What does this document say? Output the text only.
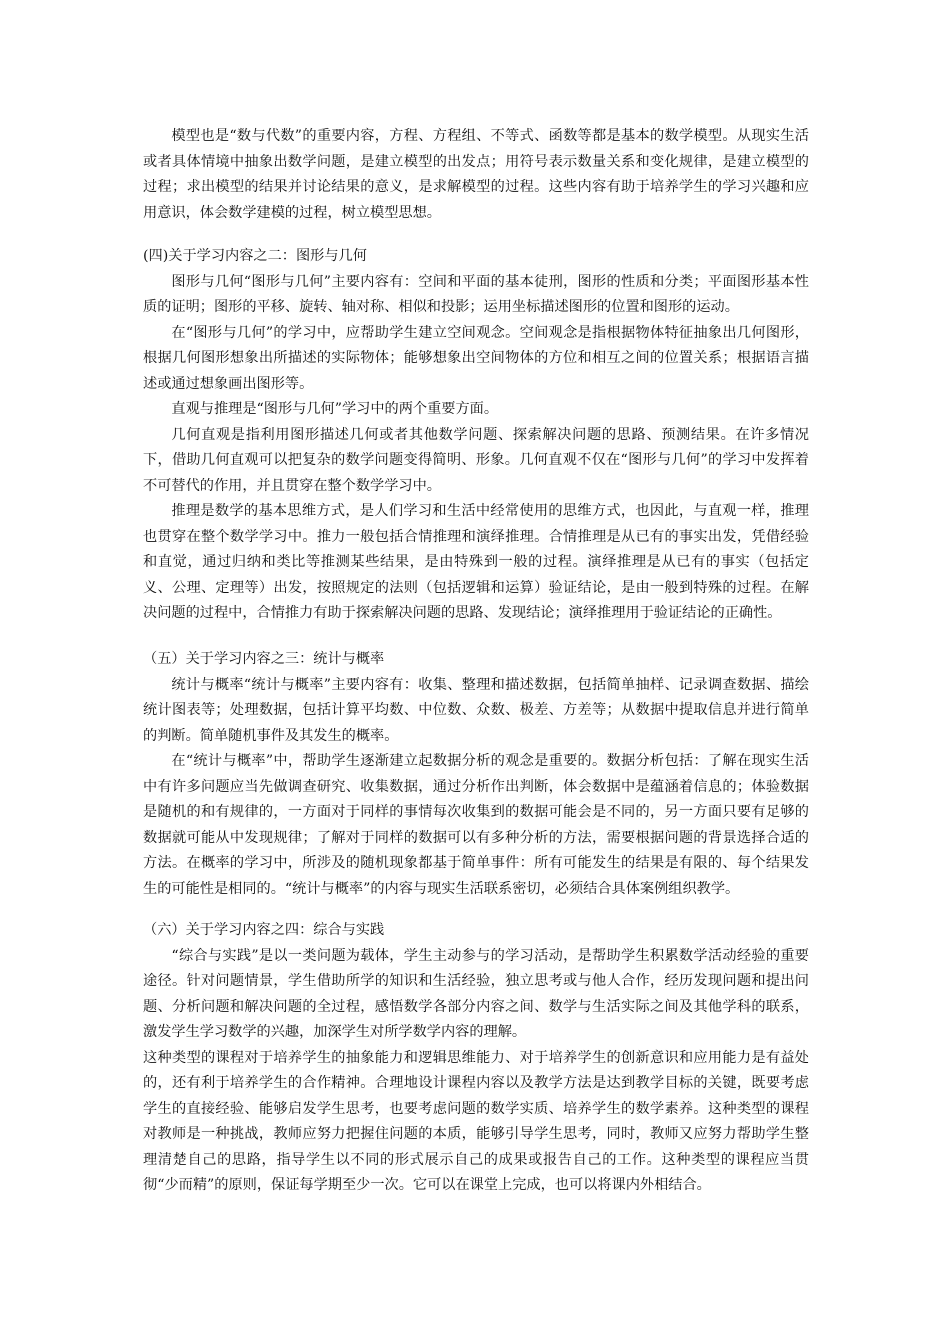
模型也是“数与代数”的重要内容，方程、方程组、不等式、函数等都是基本的数学模型。从现实生活或者具体情境中抽象出数学问题，是建立模型的出发点；用符号表示数量关系和变化规律，是建立模型的过程；求出模型的结果并讨论结果的意义，是求解模型的过程。这些内容有助于培养学生的学习兴趣和应用意识，体会数学建模的过程，树立模型思想。

(四)关于学习内容之二：图形与几何

图形与几何“图形与几何”主要内容有：空间和平面的基本徒刑，图形的性质和分类；平面图形基本性质的证明；图形的平移、旋转、轴对称、相似和投影；运用坐标描述图形的位置和图形的运动。

在“图形与几何”的学习中，应帮助学生建立空间观念。空间观念是指根据物体特征抽象出几何图形，根据几何图形想象出所描述的实际物体；能够想象出空间物体的方位和相互之间的位置关系；根据语言描述或通过想象画出图形等。

直观与推理是“图形与几何”学习中的两个重要方面。

几何直观是指利用图形描述几何或者其他数学问题、探索解决问题的思路、预测结果。在许多情况下，借助几何直观可以把复杂的数学问题变得简明、形象。几何直观不仅在“图形与几何”的学习中发挥着不可替代的作用，并且贯穿在整个数学学习中。

推理是数学的基本思维方式，是人们学习和生活中经常使用的思维方式，也因此，与直观一样，推理也贯穿在整个数学学习中。推力一般包括合情推理和演绎推理。合情推理是从已有的事实出发，凭借经验和直觉，通过归纳和类比等推测某些结果，是由特殊到一般的过程。演绎推理是从已有的事实（包括定义、公理、定理等）出发，按照规定的法则（包括逻辑和运算）验证结论，是由一般到特殊的过程。在解决问题的过程中，合情推力有助于探索解决问题的思路、发现结论；演绎推理用于验证结论的正确性。

（五）关于学习内容之三：统计与概率

统计与概率“统计与概率”主要内容有：收集、整理和描述数据，包括简单抽样、记录调查数据、描绘统计图表等；处理数据，包括计算平均数、中位数、众数、极差、方差等；从数据中提取信息并进行简单的判断。简单随机事件及其发生的概率。

在“统计与概率”中，帮助学生逐渐建立起数据分析的观念是重要的。数据分析包括：了解在现实生活中有许多问题应当先做调查研究、收集数据，通过分析作出判断，体会数据中是蕴涵着信息的；体验数据是随机的和有规律的，一方面对于同样的事情每次收集到的数据可能会是不同的，另一方面只要有足够的数据就可能从中发现规律；了解对于同样的数据可以有多种分析的方法，需要根据问题的背景选择合适的方法。在概率的学习中，所涉及的随机现象都基于简单事件：所有可能发生的结果是有限的、每个结果发生的可能性是相同的。“统计与概率”的内容与现实生活联系密切，必须结合具体案例组织教学。

（六）关于学习内容之四：综合与实践

“综合与实践”是以一类问题为载体，学生主动参与的学习活动，是帮助学生积累数学活动经验的重要途径。针对问题情景，学生借助所学的知识和生活经验，独立思考或与他人合作，经历发现问题和提出问题、分析问题和解决问题的全过程，感悟数学各部分内容之间、数学与生活实际之间及其他学科的联系，激发学生学习数学的兴趣，加深学生对所学数学内容的理解。

这种类型的课程对于培养学生的抽象能力和逻辑思维能力、对于培养学生的创新意识和应用能力是有益处的，还有利于培养学生的合作精神。合理地设计课程内容以及教学方法是达到教学目标的关键，既要考虑学生的直接经验、能够启发学生思考，也要考虑问题的数学实质、培养学生的数学素养。这种类型的课程对教师是一种挑战，教师应努力把握住问题的本质，能够引导学生思考，同时，教师又应努力帮助学生整理清楚自己的思路，指导学生以不同的形式展示自己的成果或报告自己的工作。这种类型的课程应当贯彻“少而精”的原则，保证每学期至少一次。它可以在课堂上完成，也可以将课内外相结合。
